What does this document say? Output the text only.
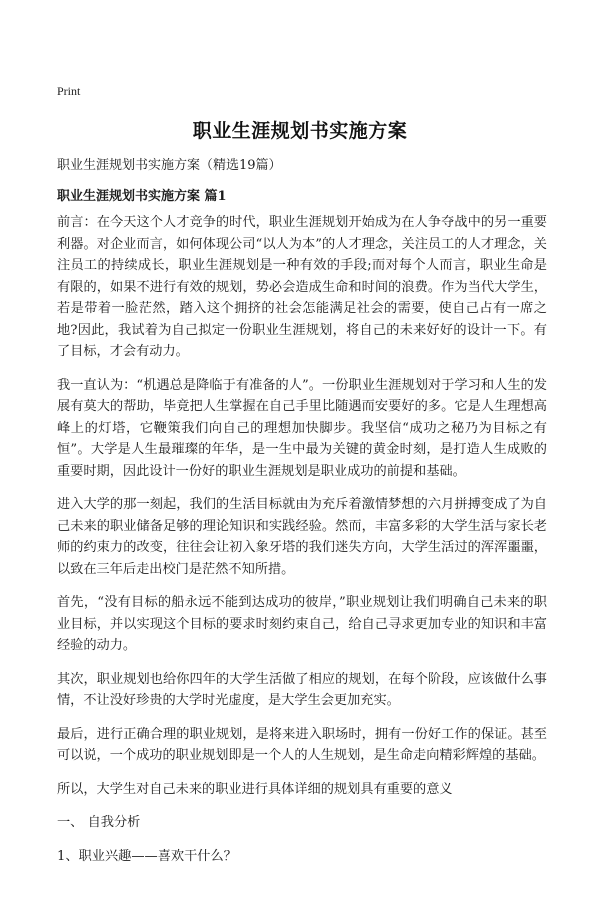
Print
职业生涯规划书实施方案
职业生涯规划书实施方案（精选19篇）
职业生涯规划书实施方案 篇1

前言：在今天这个人才竞争的时代，职业生涯规划开始成为在人争夺战中的另一重要利器。对企业而言，如何体现公司“以人为本”的人才理念，关注员工的人才理念，关注员工的持续成长，职业生涯规划是一种有效的手段;而对每个人而言，职业生命是有限的，如果不进行有效的规划，势必会造成生命和时间的浪费。作为当代大学生，若是带着一脸茫然，踏入这个拥挤的社会怎能满足社会的需要，使自己占有一席之地?因此，我试着为自己拟定一份职业生涯规划，将自己的未来好好的设计一下。有了目标，才会有动力。

我一直认为：“机遇总是降临于有准备的人”。一份职业生涯规划对于学习和人生的发展有莫大的帮助，毕竟把人生掌握在自己手里比随遇而安要好的多。它是人生理想高峰上的灯塔，它鞭策我们向自己的理想加快脚步。我坚信“成功之秘乃为目标之有恒”。大学是人生最璀璨的年华，是一生中最为关键的黄金时刻，是打造人生成败的重要时期，因此设计一份好的职业生涯规划是职业成功的前提和基础。

进入大学的那一刻起，我们的生活目标就由为充斥着激情梦想的六月拼搏变成了为自己未来的职业储备足够的理论知识和实践经验。然而，丰富多彩的大学生活与家长老师的约束力的改变，往往会让初入象牙塔的我们迷失方向，大学生活过的浑浑噩噩，以致在三年后走出校门是茫然不知所措。

首先，“没有目标的船永远不能到达成功的彼岸，”职业规划让我们明确自己未来的职业目标，并以实现这个目标的要求时刻约束自己，给自己寻求更加专业的知识和丰富经验的动力。

其次，职业规划也给你四年的大学生活做了相应的规划，在每个阶段，应该做什么事情，不让没好珍贵的大学时光虚度，是大学生会更加充实。

最后，进行正确合理的职业规划，是将来进入职场时，拥有一份好工作的保证。甚至可以说，一个成功的职业规划即是一个人的人生规划，是生命走向精彩辉煌的基础。

所以，大学生对自己未来的职业进行具体详细的规划具有重要的意义

一、 自我分析

1、职业兴趣——喜欢干什么？
